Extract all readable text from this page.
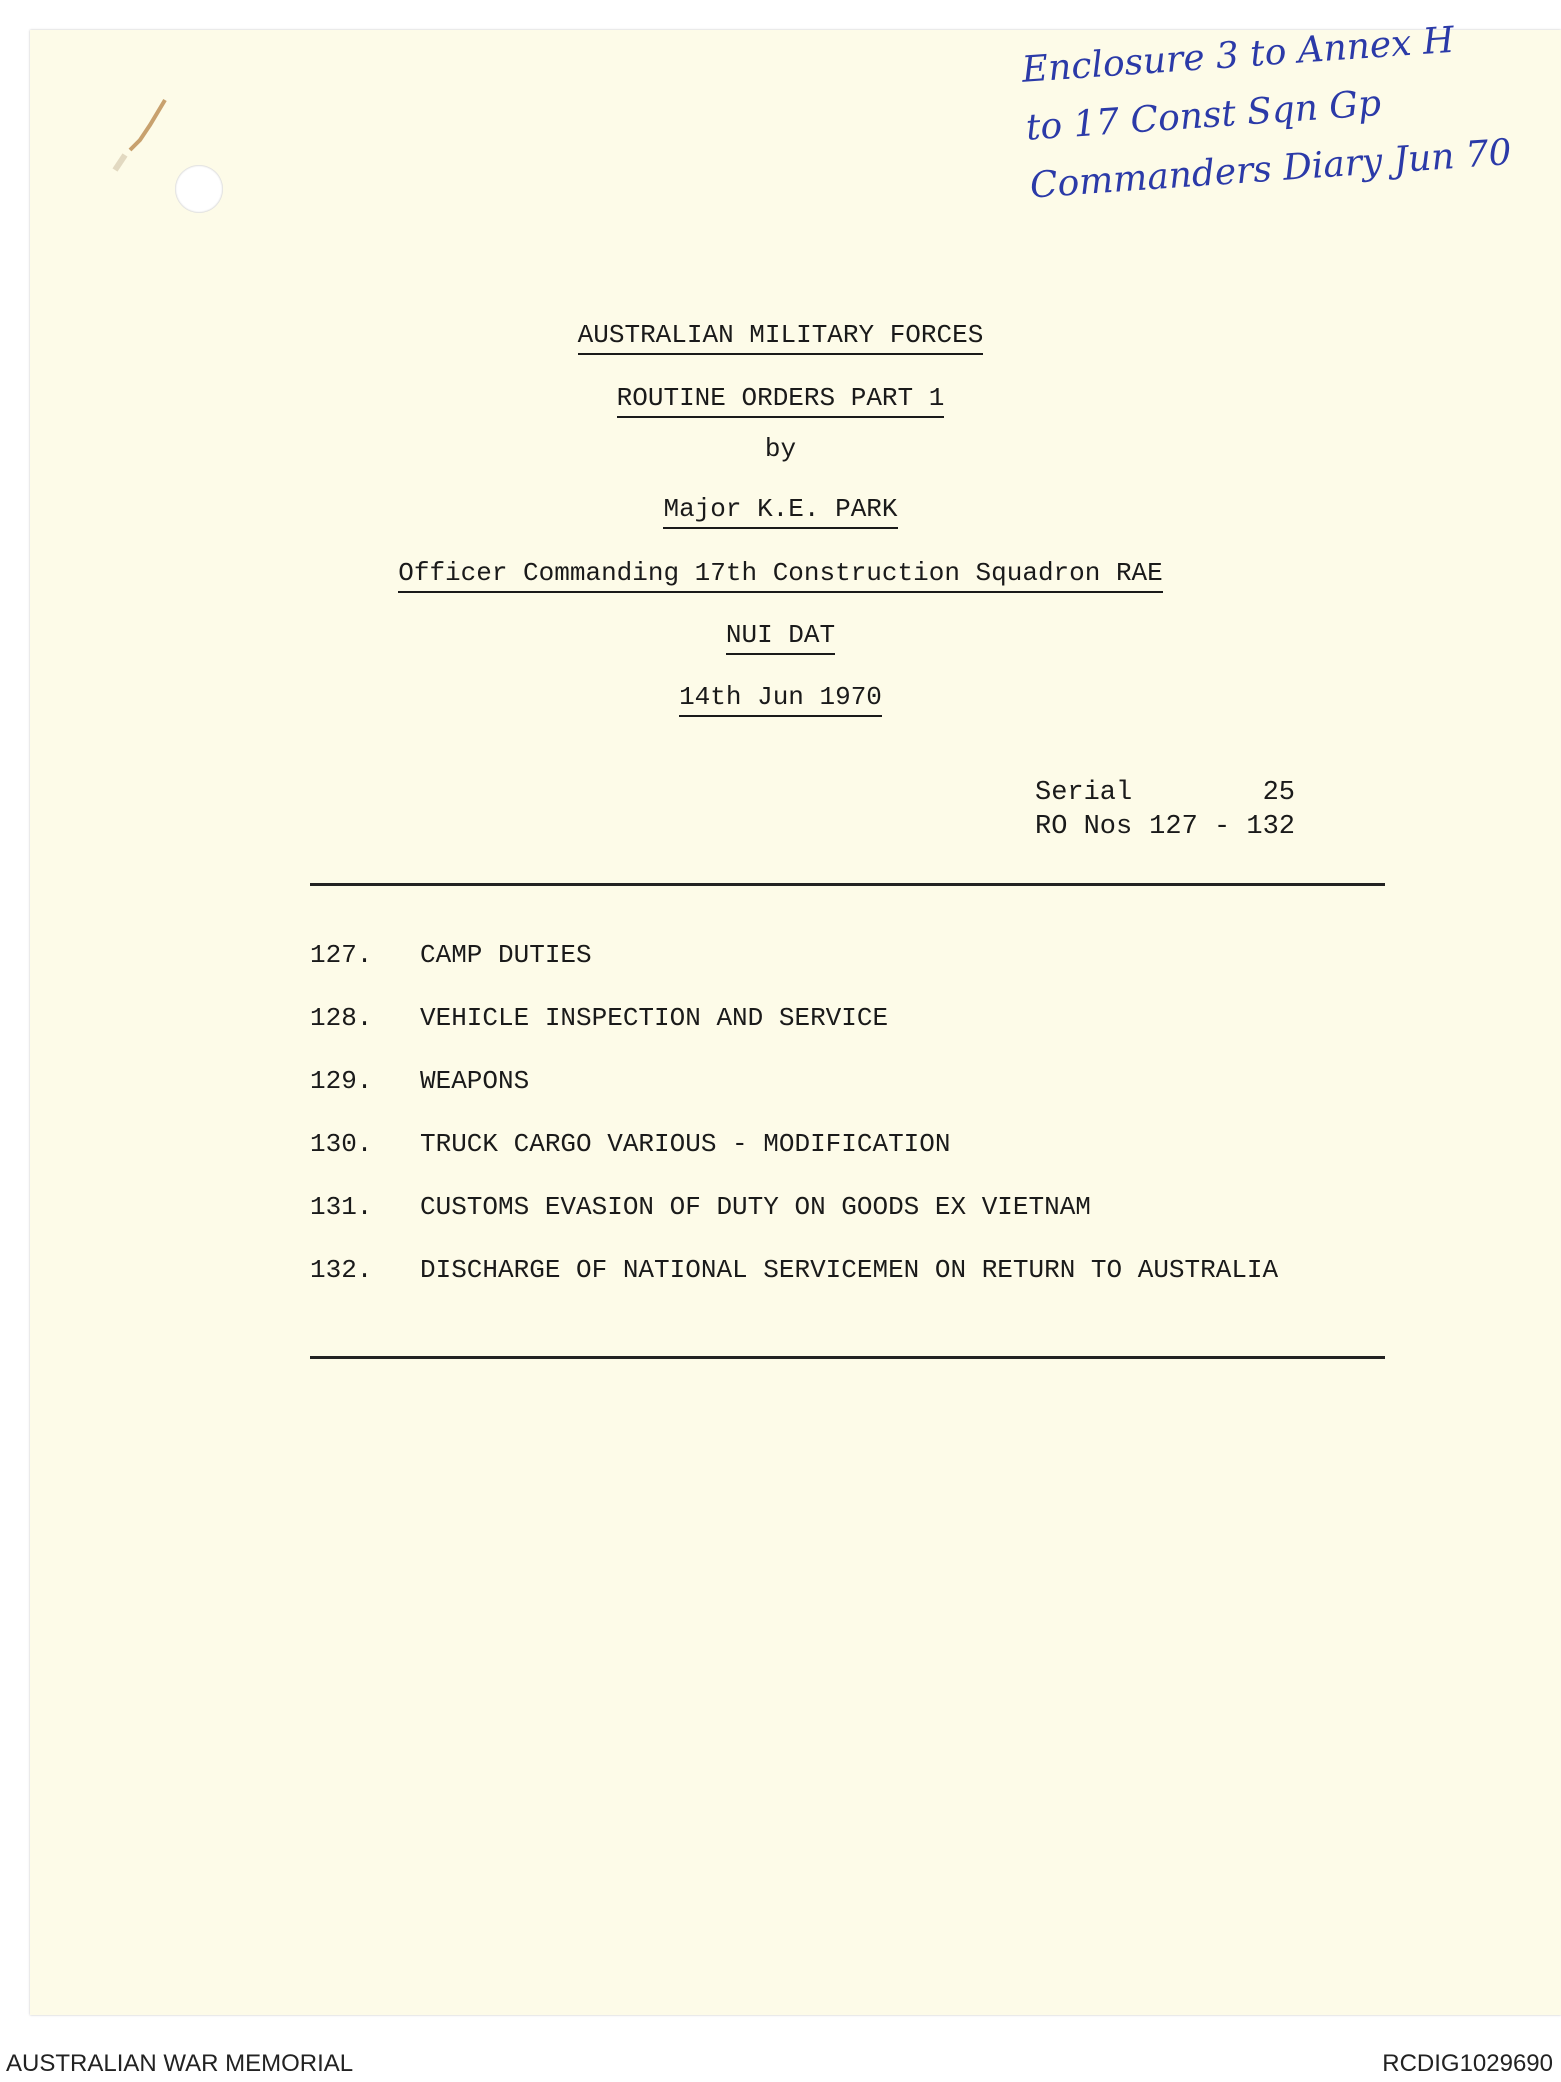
Enclosure 3 to Annex H
to 17 Const Sqn Gp
Commanders Diary Jun 70
AUSTRALIAN MILITARY FORCES
ROUTINE ORDERS PART 1
by
Major K.E. PARK
Officer Commanding 17th Construction Squadron RAE
NUI DAT
14th Jun 1970
Serial	25
RO Nos 127 - 132
127.	CAMP DUTIES
128.	VEHICLE INSPECTION AND SERVICE
129.	WEAPONS
130.	TRUCK CARGO VARIOUS - MODIFICATION
131.	CUSTOMS EVASION OF DUTY ON GOODS EX VIETNAM
132.	DISCHARGE OF NATIONAL SERVICEMEN ON RETURN TO AUSTRALIA
AUSTRALIAN WAR MEMORIAL	RCDIG1029690
